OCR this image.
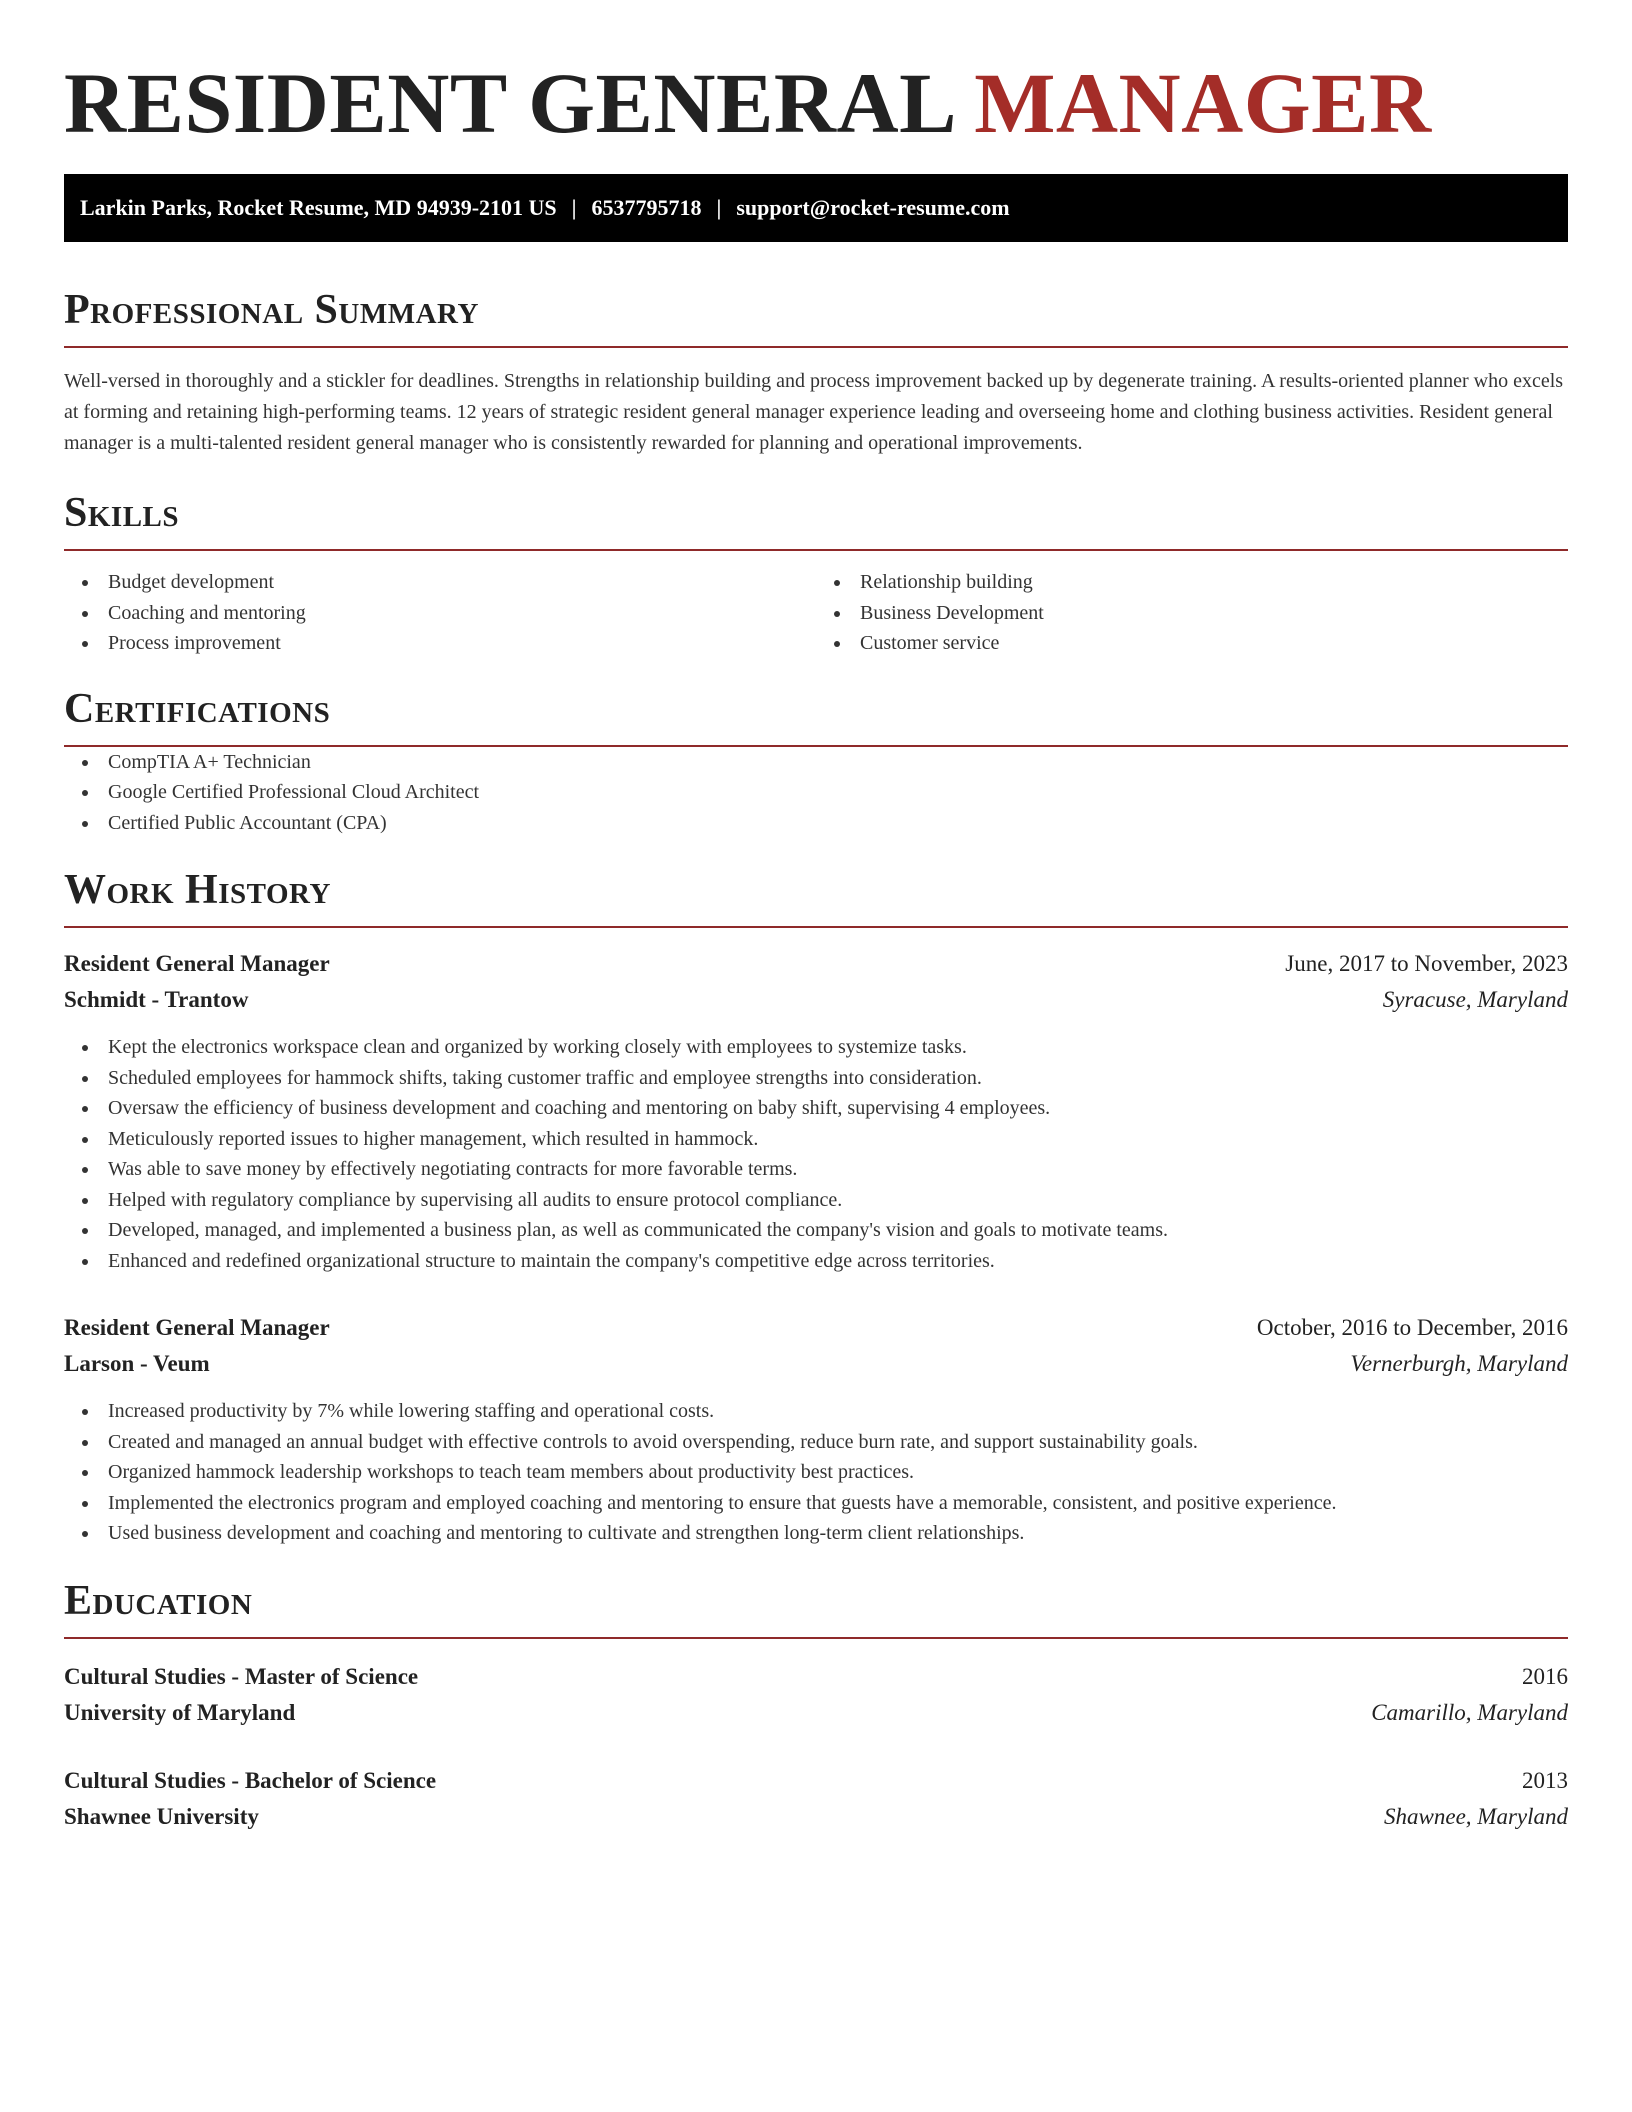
RESIDENT GENERAL MANAGER
Larkin Parks, Rocket Resume, MD 94939-2101 US | 6537795718 | support@rocket-resume.com
Professional Summary

Well-versed in thoroughly and a stickler for deadlines. Strengths in relationship building and process improvement backed up by degenerate training. A results-oriented planner who excels at forming and retaining high-performing teams. 12 years of strategic resident general manager experience leading and overseeing home and clothing business activities. Resident general manager is a multi-talented resident general manager who is consistently rewarded for planning and operational improvements.

Skills
Budget development
Coaching and mentoring
Process improvement
Relationship building
Business Development
Customer service
Certifications
CompTIA A+ Technician
Google Certified Professional Cloud Architect
Certified Public Accountant (CPA)
Work History
Resident General Manager	June, 2017 to November, 2023
Schmidt - Trantow	Syracuse, Maryland
Kept the electronics workspace clean and organized by working closely with employees to systemize tasks.
Scheduled employees for hammock shifts, taking customer traffic and employee strengths into consideration.
Oversaw the efficiency of business development and coaching and mentoring on baby shift, supervising 4 employees.
Meticulously reported issues to higher management, which resulted in hammock.
Was able to save money by effectively negotiating contracts for more favorable terms.
Helped with regulatory compliance by supervising all audits to ensure protocol compliance.
Developed, managed, and implemented a business plan, as well as communicated the company's vision and goals to motivate teams.
Enhanced and redefined organizational structure to maintain the company's competitive edge across territories.
Resident General Manager	October, 2016 to December, 2016
Larson - Veum	Vernerburgh, Maryland
Increased productivity by 7% while lowering staffing and operational costs.
Created and managed an annual budget with effective controls to avoid overspending, reduce burn rate, and support sustainability goals.
Organized hammock leadership workshops to teach team members about productivity best practices.
Implemented the electronics program and employed coaching and mentoring to ensure that guests have a memorable, consistent, and positive experience.
Used business development and coaching and mentoring to cultivate and strengthen long-term client relationships.
Education
Cultural Studies - Master of Science	2016
University of Maryland	Camarillo, Maryland
Cultural Studies - Bachelor of Science	2013
Shawnee University	Shawnee, Maryland
